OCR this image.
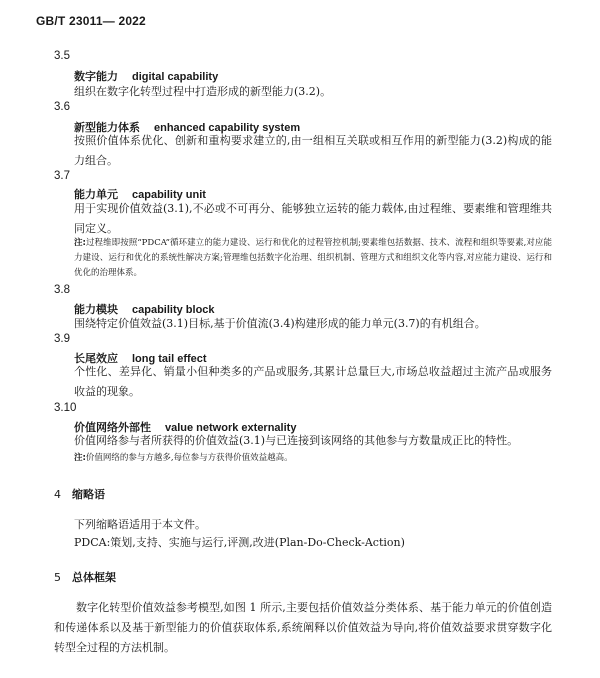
GB/T 23011— 2022
3.5
数字能力 digital capability
组织在数字化转型过程中打造形成的新型能力(3.2)。
3.6
新型能力体系 enhanced capability system
按照价值体系优化、创新和重构要求建立的,由一组相互关联或相互作用的新型能力(3.2)构成的能力组合。
3.7
能力单元 capability unit
用于实现价值效益(3.1),不必或不可再分、能够独立运转的能力载体,由过程维、要素维和管理维共同定义。
注:过程维即按照“PDCA”循环建立的能力建设、运行和优化的过程管控机制;要素维包括数据、技术、流程和组织等要素,对应能力建设、运行和优化的系统性解决方案;管理维包括数字化治理、组织机制、管理方式和组织文化等内容,对应能力建设、运行和优化的治理体系。
3.8
能力模块 capability block
围绕特定价值效益(3.1)目标,基于价值流(3.4)构建形成的能力单元(3.7)的有机组合。
3.9
长尾效应 long tail effect
个性化、差异化、销量小但种类多的产品或服务,其累计总量巨大,市场总收益超过主流产品或服务收益的现象。
3.10
价值网络外部性 value network externality
价值网络参与者所获得的价值效益(3.1)与已连接到该网络的其他参与方数量成正比的特性。
注:价值网络的参与方越多,每位参与方获得价值效益越高。
4 缩略语
下列缩略语适用于本文件。
PDCA:策划,支持、实施与运行,评测,改进(Plan-Do-Check-Action)
5 总体框架
数字化转型价值效益参考模型,如图 1 所示,主要包括价值效益分类体系、基于能力单元的价值创造和传递体系以及基于新型能力的价值获取体系,系统阐释以价值效益为导向,将价值效益要求贯穿数字化转型全过程的方法机制。
